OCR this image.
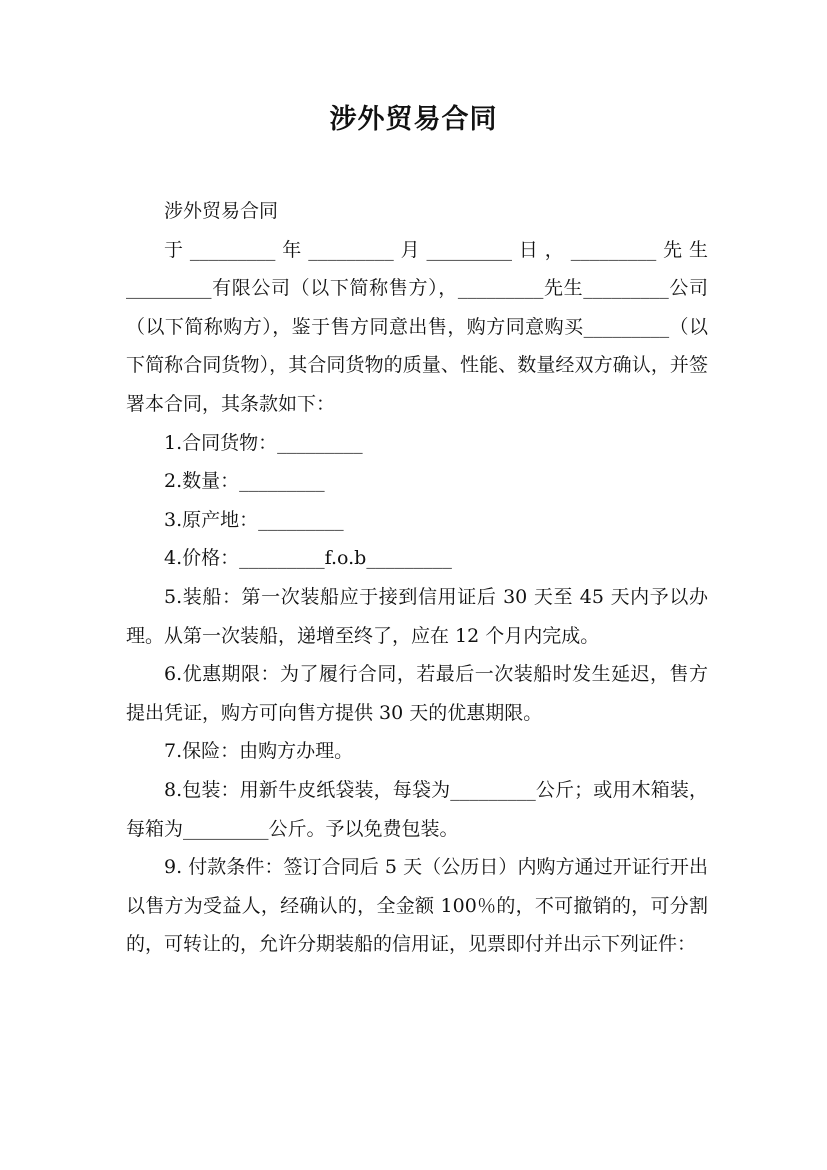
涉外贸易合同

涉外贸易合同

于_________年_________月_________日，_________先生_________有限公司（以下简称售方），_________先生_________公司（以下简称购方），鉴于售方同意出售，购方同意购买_________（以下简称合同货物），其合同货物的质量、性能、数量经双方确认，并签署本合同，其条款如下：

1.合同货物：_________

2.数量：_________

3.原产地：_________

4.价格：_________f.o.b_________

5.装船：第一次装船应于接到信用证后 30 天至 45 天内予以办理。从第一次装船，递增至终了，应在 12 个月内完成。

6.优惠期限：为了履行合同，若最后一次装船时发生延迟，售方提出凭证，购方可向售方提供 30 天的优惠期限。

7.保险：由购方办理。

8.包装：用新牛皮纸袋装，每袋为_________公斤；或用木箱装，每箱为_________公斤。予以免费包装。

9. 付款条件：签订合同后 5 天（公历日）内购方通过开证行开出以售方为受益人，经确认的，全金额 100％的，不可撤销的，可分割的，可转让的，允许分期装船的信用证，见票即付并出示下列证件：
